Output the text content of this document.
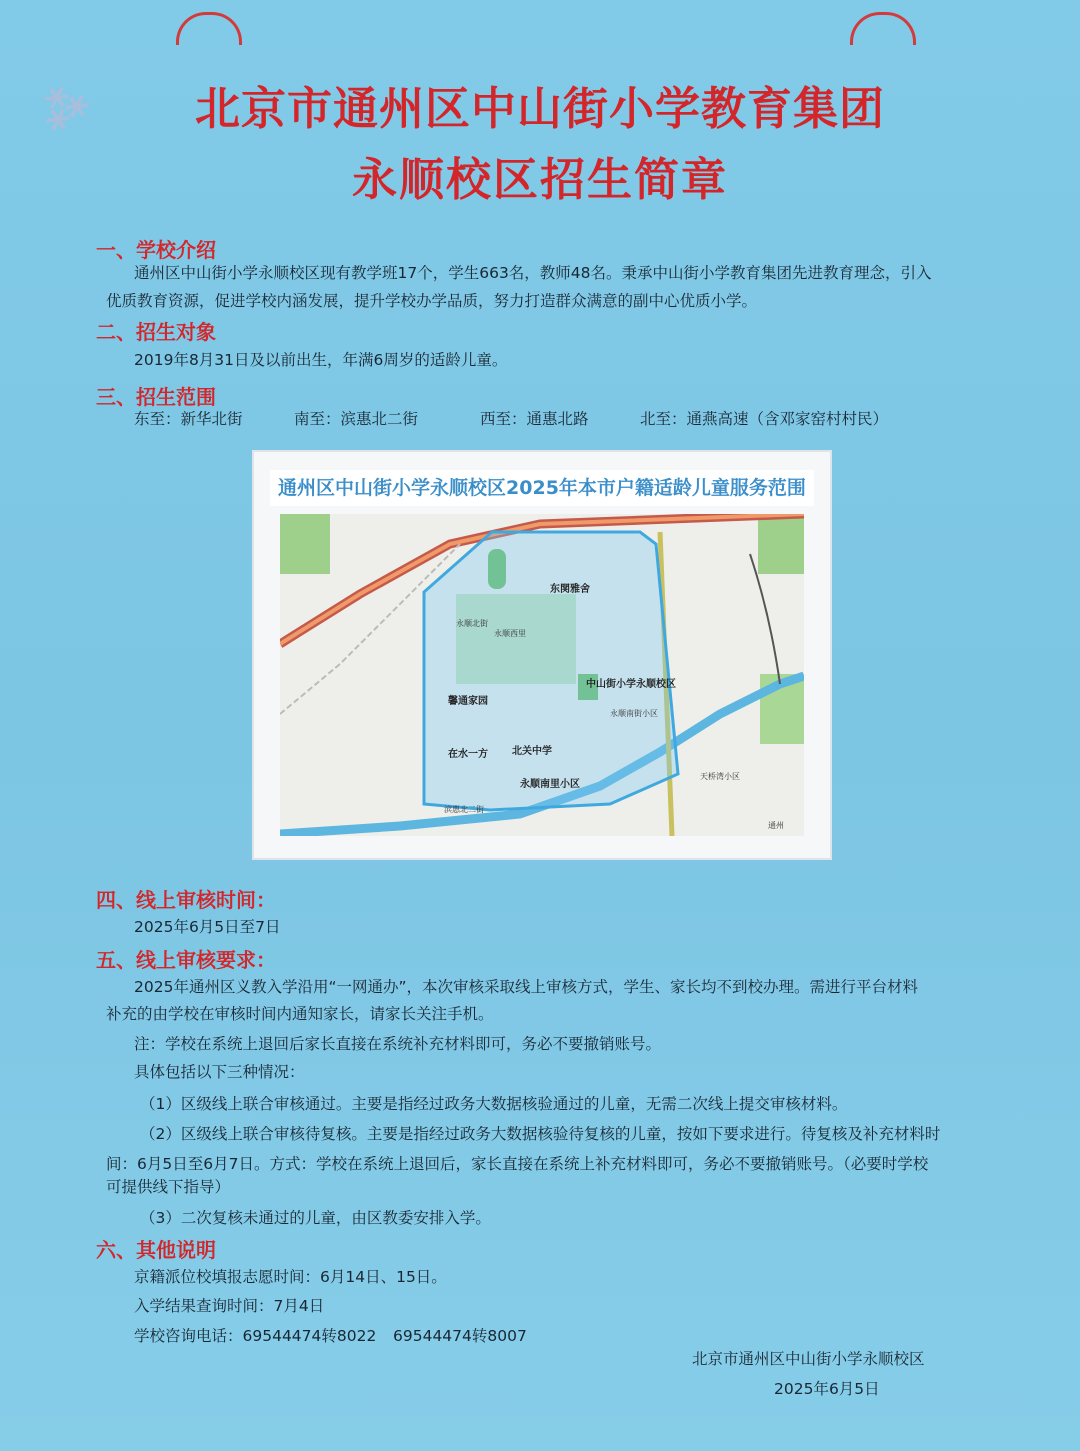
⁂	北京市通州区中山街小学教育集团
永顺校区招生简章
一、学校介绍
通州区中山街小学永顺校区现有教学班17个，学生663名，教师48名。秉承中山街小学教育集团先进教育理念，引入
优质教育资源，促进学校内涵发展，提升学校办学品质，努力打造群众满意的副中心优质小学。
二、招生对象
2019年8月31日及以前出生，年满6周岁的适龄儿童。
三、招生范围
东至：新华北街	南至：滨惠北二街	西至：通惠北路	北至：通燕高速（含邓家窑村村民）
通州区中山街小学永顺校区2025年本市户籍适龄儿童服务范围
东関雅舍
馨通家园
在水一方
永顺南里小区
北关中学
中山街小学永顺校区
永顺北街
永顺西里
天桥湾小区
永顺南街小区
滨惠北二街
通州
四、线上审核时间：
2025年6月5日至7日
五、线上审核要求：
2025年通州区义教入学沿用“一网通办”，本次审核采取线上审核方式，学生、家长均不到校办理。需进行平台材料
补充的由学校在审核时间内通知家长，请家长关注手机。
注：学校在系统上退回后家长直接在系统补充材料即可，务必不要撤销账号。
具体包括以下三种情况：
（1）区级线上联合审核通过。主要是指经过政务大数据核验通过的儿童，无需二次线上提交审核材料。
（2）区级线上联合审核待复核。主要是指经过政务大数据核验待复核的儿童，按如下要求进行。待复核及补充材料时
间：6月5日至6月7日。方式：学校在系统上退回后，家长直接在系统上补充材料即可，务必不要撤销账号。（必要时学校
可提供线下指导）
（3）二次复核未通过的儿童，由区教委安排入学。
六、其他说明
京籍派位校填报志愿时间：6月14日、15日。
入学结果查询时间：7月4日
学校咨询电话：69544474转8022 69544474转8007
北京市通州区中山街小学永顺校区
2025年6月5日
